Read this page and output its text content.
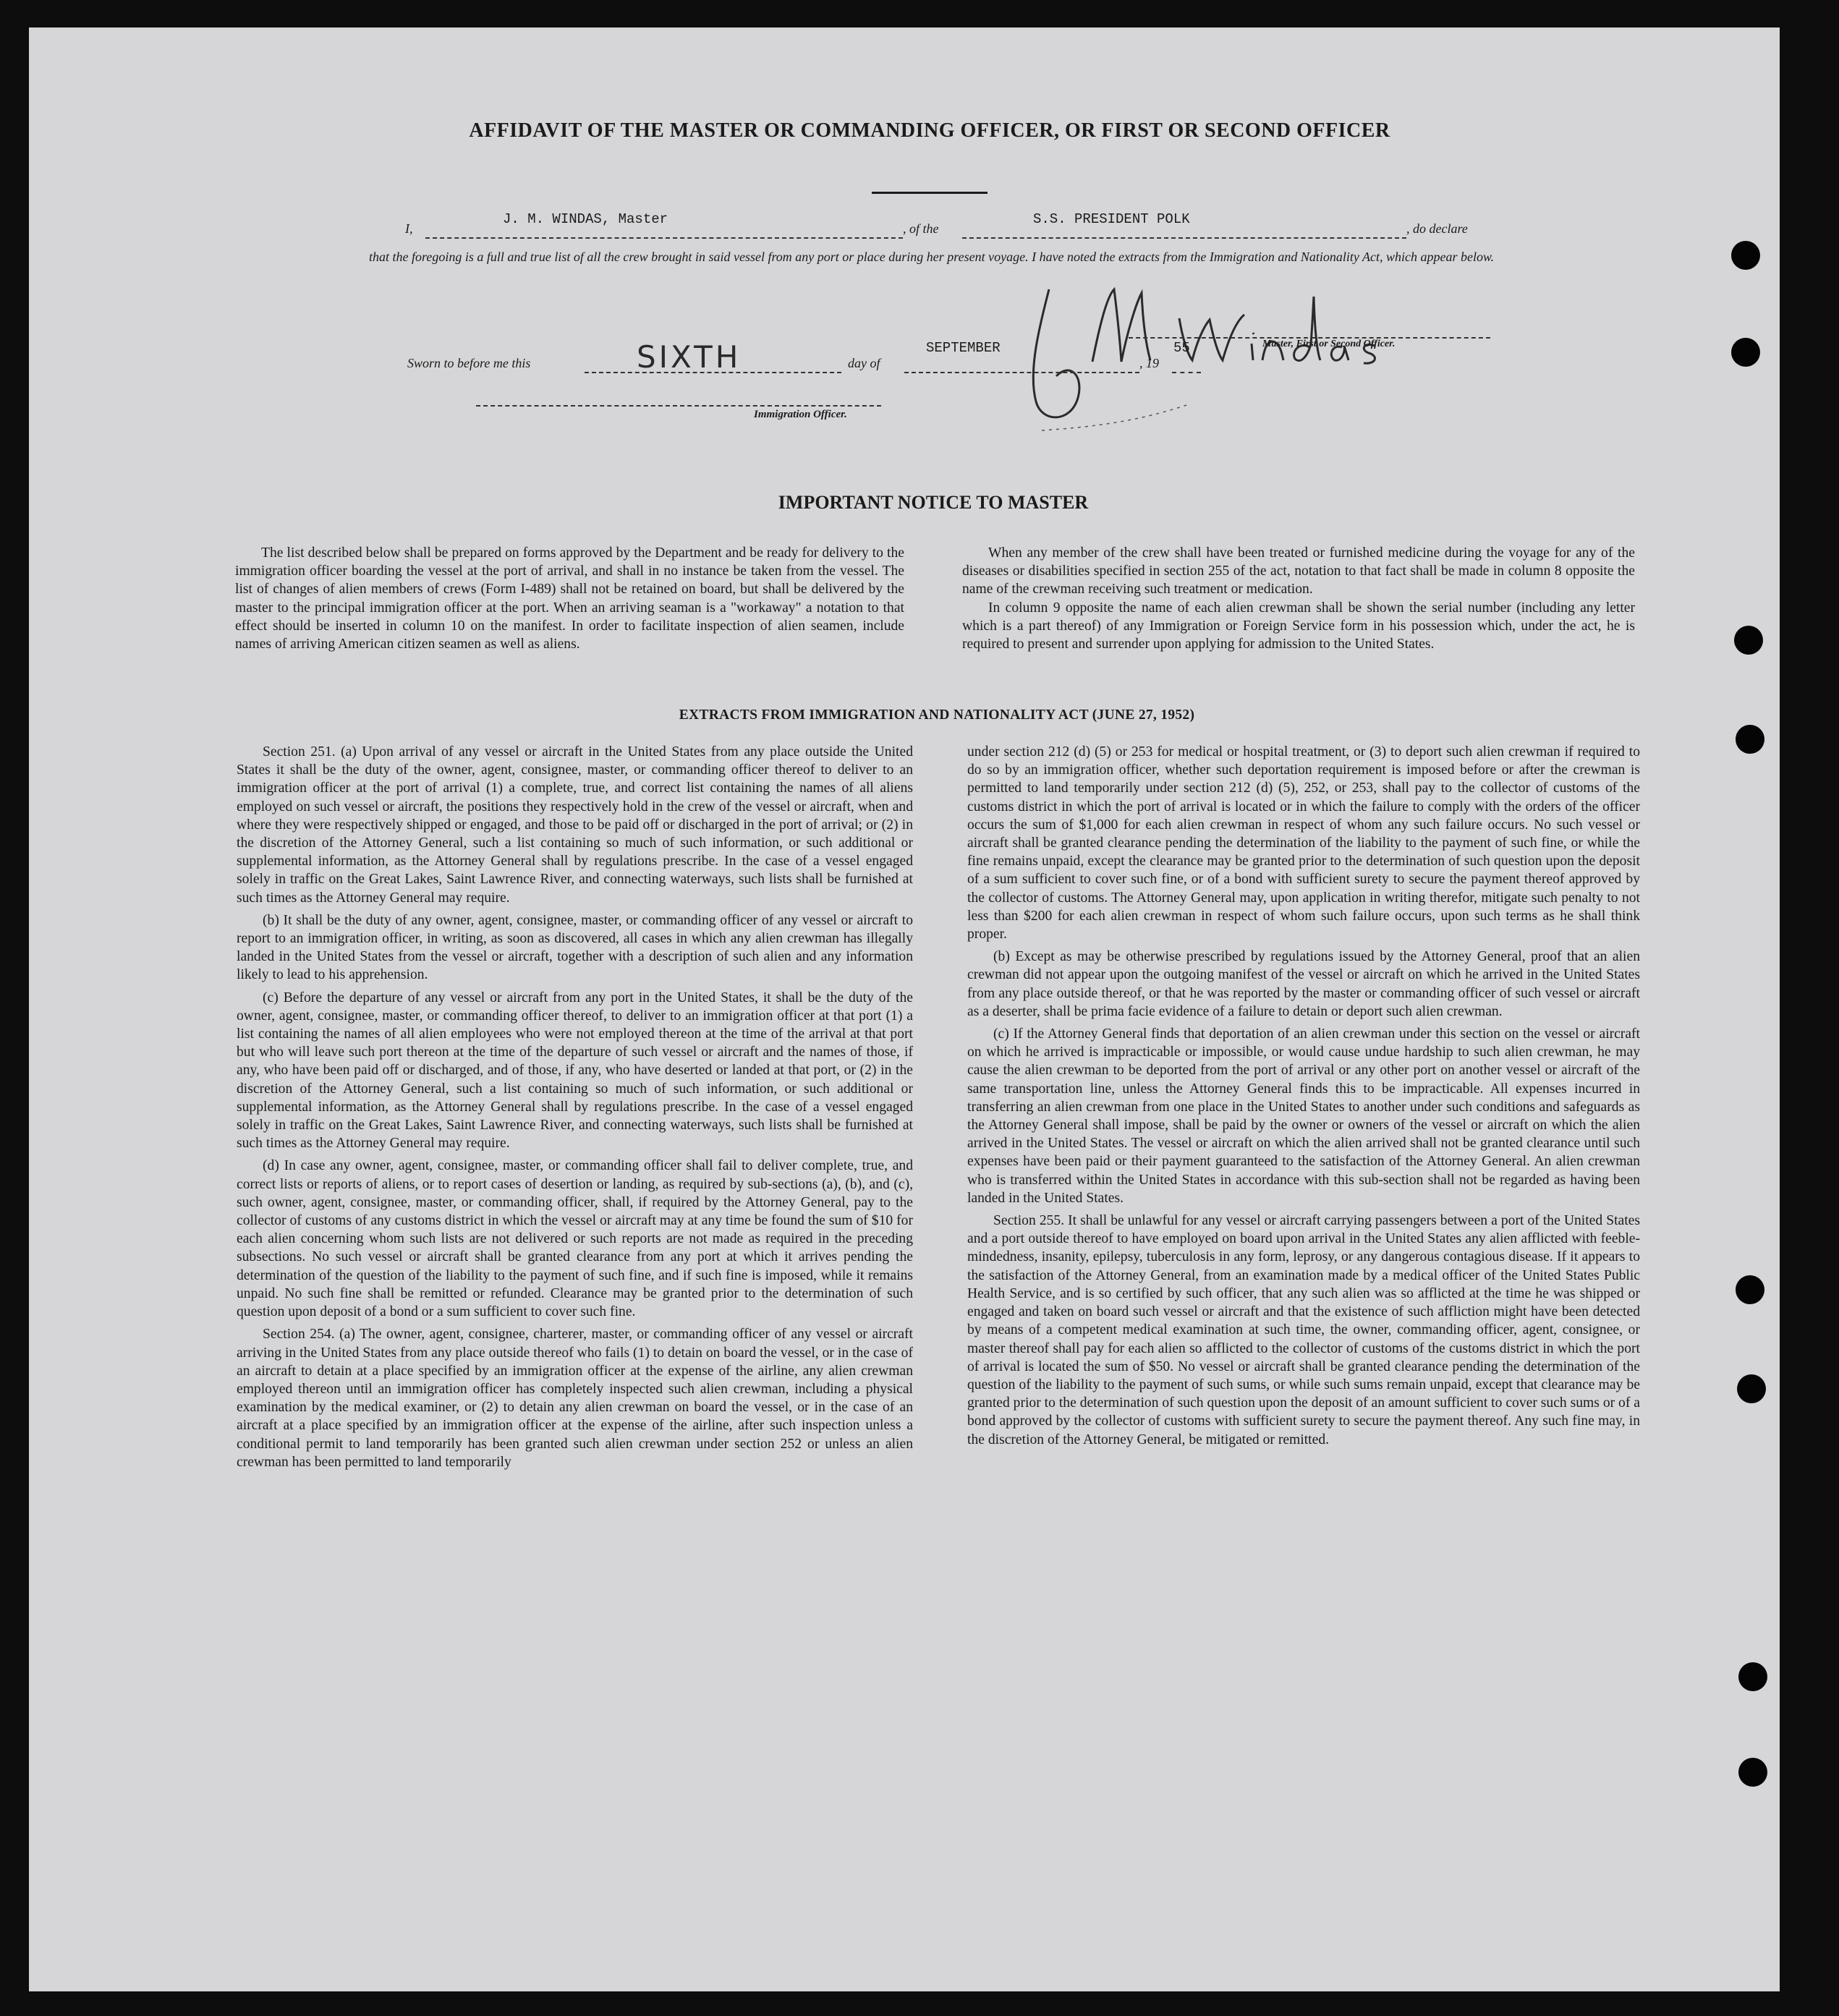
AFFIDAVIT OF THE MASTER OR COMMANDING OFFICER, OR FIRST OR SECOND OFFICER
I,
J. M. WINDAS, Master
, of the
S.S. PRESIDENT POLK
, do declare
that the foregoing is a full and true list of all the crew brought in said vessel from any port or place during her present voyage. I have noted the extracts from the Immigration and Nationality Act, which appear below.
Master, First or Second Officer.
Sworn to before me this	SIXTH	day of
SEPTEMBER
, 19
55
Immigration Officer.
IMPORTANT NOTICE TO MASTER

The list described below shall be prepared on forms approved by the Department and be ready for delivery to the immigration officer boarding the vessel at the port of arrival, and shall in no instance be taken from the vessel. The list of changes of alien members of crews (Form I-489) shall not be retained on board, but shall be delivered by the master to the principal immigration officer at the port. When an arriving seaman is a "workaway" a notation to that effect should be inserted in column 10 on the manifest. In order to facilitate inspection of alien seamen, include names of arriving American citizen seamen as well as aliens.

When any member of the crew shall have been treated or furnished medicine during the voyage for any of the diseases or disabilities specified in section 255 of the act, notation to that fact shall be made in column 8 opposite the name of the crewman receiving such treatment or medication.

In column 9 opposite the name of each alien crewman shall be shown the serial number (including any letter which is a part thereof) of any Immigration or Foreign Service form in his possession which, under the act, he is required to present and surrender upon applying for admission to the United States.

EXTRACTS FROM IMMIGRATION AND NATIONALITY ACT (JUNE 27, 1952)

Section 251. (a) Upon arrival of any vessel or aircraft in the United States from any place outside the United States it shall be the duty of the owner, agent, consignee, master, or commanding officer thereof to deliver to an immigration officer at the port of arrival (1) a complete, true, and correct list containing the names of all aliens employed on such vessel or aircraft, the positions they respectively hold in the crew of the vessel or aircraft, when and where they were respectively shipped or engaged, and those to be paid off or discharged in the port of arrival; or (2) in the discretion of the Attorney General, such a list containing so much of such information, or such additional or supplemental information, as the Attorney General shall by regulations prescribe. In the case of a vessel engaged solely in traffic on the Great Lakes, Saint Lawrence River, and connecting waterways, such lists shall be furnished at such times as the Attorney General may require.

(b) It shall be the duty of any owner, agent, consignee, master, or commanding officer of any vessel or aircraft to report to an immigration officer, in writing, as soon as discovered, all cases in which any alien crewman has illegally landed in the United States from the vessel or aircraft, together with a description of such alien and any information likely to lead to his apprehension.

(c) Before the departure of any vessel or aircraft from any port in the United States, it shall be the duty of the owner, agent, consignee, master, or commanding officer thereof, to deliver to an immigration officer at that port (1) a list containing the names of all alien employees who were not employed thereon at the time of the arrival at that port but who will leave such port thereon at the time of the departure of such vessel or aircraft and the names of those, if any, who have been paid off or discharged, and of those, if any, who have deserted or landed at that port, or (2) in the discretion of the Attorney General, such a list containing so much of such information, or such additional or supplemental information, as the Attorney General shall by regulations prescribe. In the case of a vessel engaged solely in traffic on the Great Lakes, Saint Lawrence River, and connecting waterways, such lists shall be furnished at such times as the Attorney General may require.

(d) In case any owner, agent, consignee, master, or commanding officer shall fail to deliver complete, true, and correct lists or reports of aliens, or to report cases of desertion or landing, as required by sub-sections (a), (b), and (c), such owner, agent, consignee, master, or commanding officer, shall, if required by the Attorney General, pay to the collector of customs of any customs district in which the vessel or aircraft may at any time be found the sum of $10 for each alien concerning whom such lists are not delivered or such reports are not made as required in the preceding subsections. No such vessel or aircraft shall be granted clearance from any port at which it arrives pending the determination of the question of the liability to the payment of such fine, and if such fine is imposed, while it remains unpaid. No such fine shall be remitted or refunded. Clearance may be granted prior to the determination of such question upon deposit of a bond or a sum sufficient to cover such fine.

Section 254. (a) The owner, agent, consignee, charterer, master, or commanding officer of any vessel or aircraft arriving in the United States from any place outside thereof who fails (1) to detain on board the vessel, or in the case of an aircraft to detain at a place specified by an immigration officer at the expense of the airline, any alien crewman employed thereon until an immigration officer has completely inspected such alien crewman, including a physical examination by the medical examiner, or (2) to detain any alien crewman on board the vessel, or in the case of an aircraft at a place specified by an immigration officer at the expense of the airline, after such inspection unless a conditional permit to land temporarily has been granted such alien crewman under section 252 or unless an alien crewman has been permitted to land temporarily

under section 212 (d) (5) or 253 for medical or hospital treatment, or (3) to deport such alien crewman if required to do so by an immigration officer, whether such deportation requirement is imposed before or after the crewman is permitted to land temporarily under section 212 (d) (5), 252, or 253, shall pay to the collector of customs of the customs district in which the port of arrival is located or in which the failure to comply with the orders of the officer occurs the sum of $1,000 for each alien crewman in respect of whom any such failure occurs. No such vessel or aircraft shall be granted clearance pending the determination of the liability to the payment of such fine, or while the fine remains unpaid, except the clearance may be granted prior to the determination of such question upon the deposit of a sum sufficient to cover such fine, or of a bond with sufficient surety to secure the payment thereof approved by the collector of customs. The Attorney General may, upon application in writing therefor, mitigate such penalty to not less than $200 for each alien crewman in respect of whom such failure occurs, upon such terms as he shall think proper.

(b) Except as may be otherwise prescribed by regulations issued by the Attorney General, proof that an alien crewman did not appear upon the outgoing manifest of the vessel or aircraft on which he arrived in the United States from any place outside thereof, or that he was reported by the master or commanding officer of such vessel or aircraft as a deserter, shall be prima facie evidence of a failure to detain or deport such alien crewman.

(c) If the Attorney General finds that deportation of an alien crewman under this section on the vessel or aircraft on which he arrived is impracticable or impossible, or would cause undue hardship to such alien crewman, he may cause the alien crewman to be deported from the port of arrival or any other port on another vessel or aircraft of the same transportation line, unless the Attorney General finds this to be impracticable. All expenses incurred in transferring an alien crewman from one place in the United States to another under such conditions and safeguards as the Attorney General shall impose, shall be paid by the owner or owners of the vessel or aircraft on which the alien arrived in the United States. The vessel or aircraft on which the alien arrived shall not be granted clearance until such expenses have been paid or their payment guaranteed to the satisfaction of the Attorney General. An alien crewman who is transferred within the United States in accordance with this sub-section shall not be regarded as having been landed in the United States.

Section 255. It shall be unlawful for any vessel or aircraft carrying passengers between a port of the United States and a port outside thereof to have employed on board upon arrival in the United States any alien afflicted with feeble-mindedness, insanity, epilepsy, tuberculosis in any form, leprosy, or any dangerous contagious disease. If it appears to the satisfaction of the Attorney General, from an examination made by a medical officer of the United States Public Health Service, and is so certified by such officer, that any such alien was so afflicted at the time he was shipped or engaged and taken on board such vessel or aircraft and that the existence of such affliction might have been detected by means of a competent medical examination at such time, the owner, commanding officer, agent, consignee, or master thereof shall pay for each alien so afflicted to the collector of customs of the customs district in which the port of arrival is located the sum of $50. No vessel or aircraft shall be granted clearance pending the determination of the question of the liability to the payment of such sums, or while such sums remain unpaid, except that clearance may be granted prior to the determination of such question upon the deposit of an amount sufficient to cover such sums or of a bond approved by the collector of customs with sufficient surety to secure the payment thereof. Any such fine may, in the discretion of the Attorney General, be mitigated or remitted.
